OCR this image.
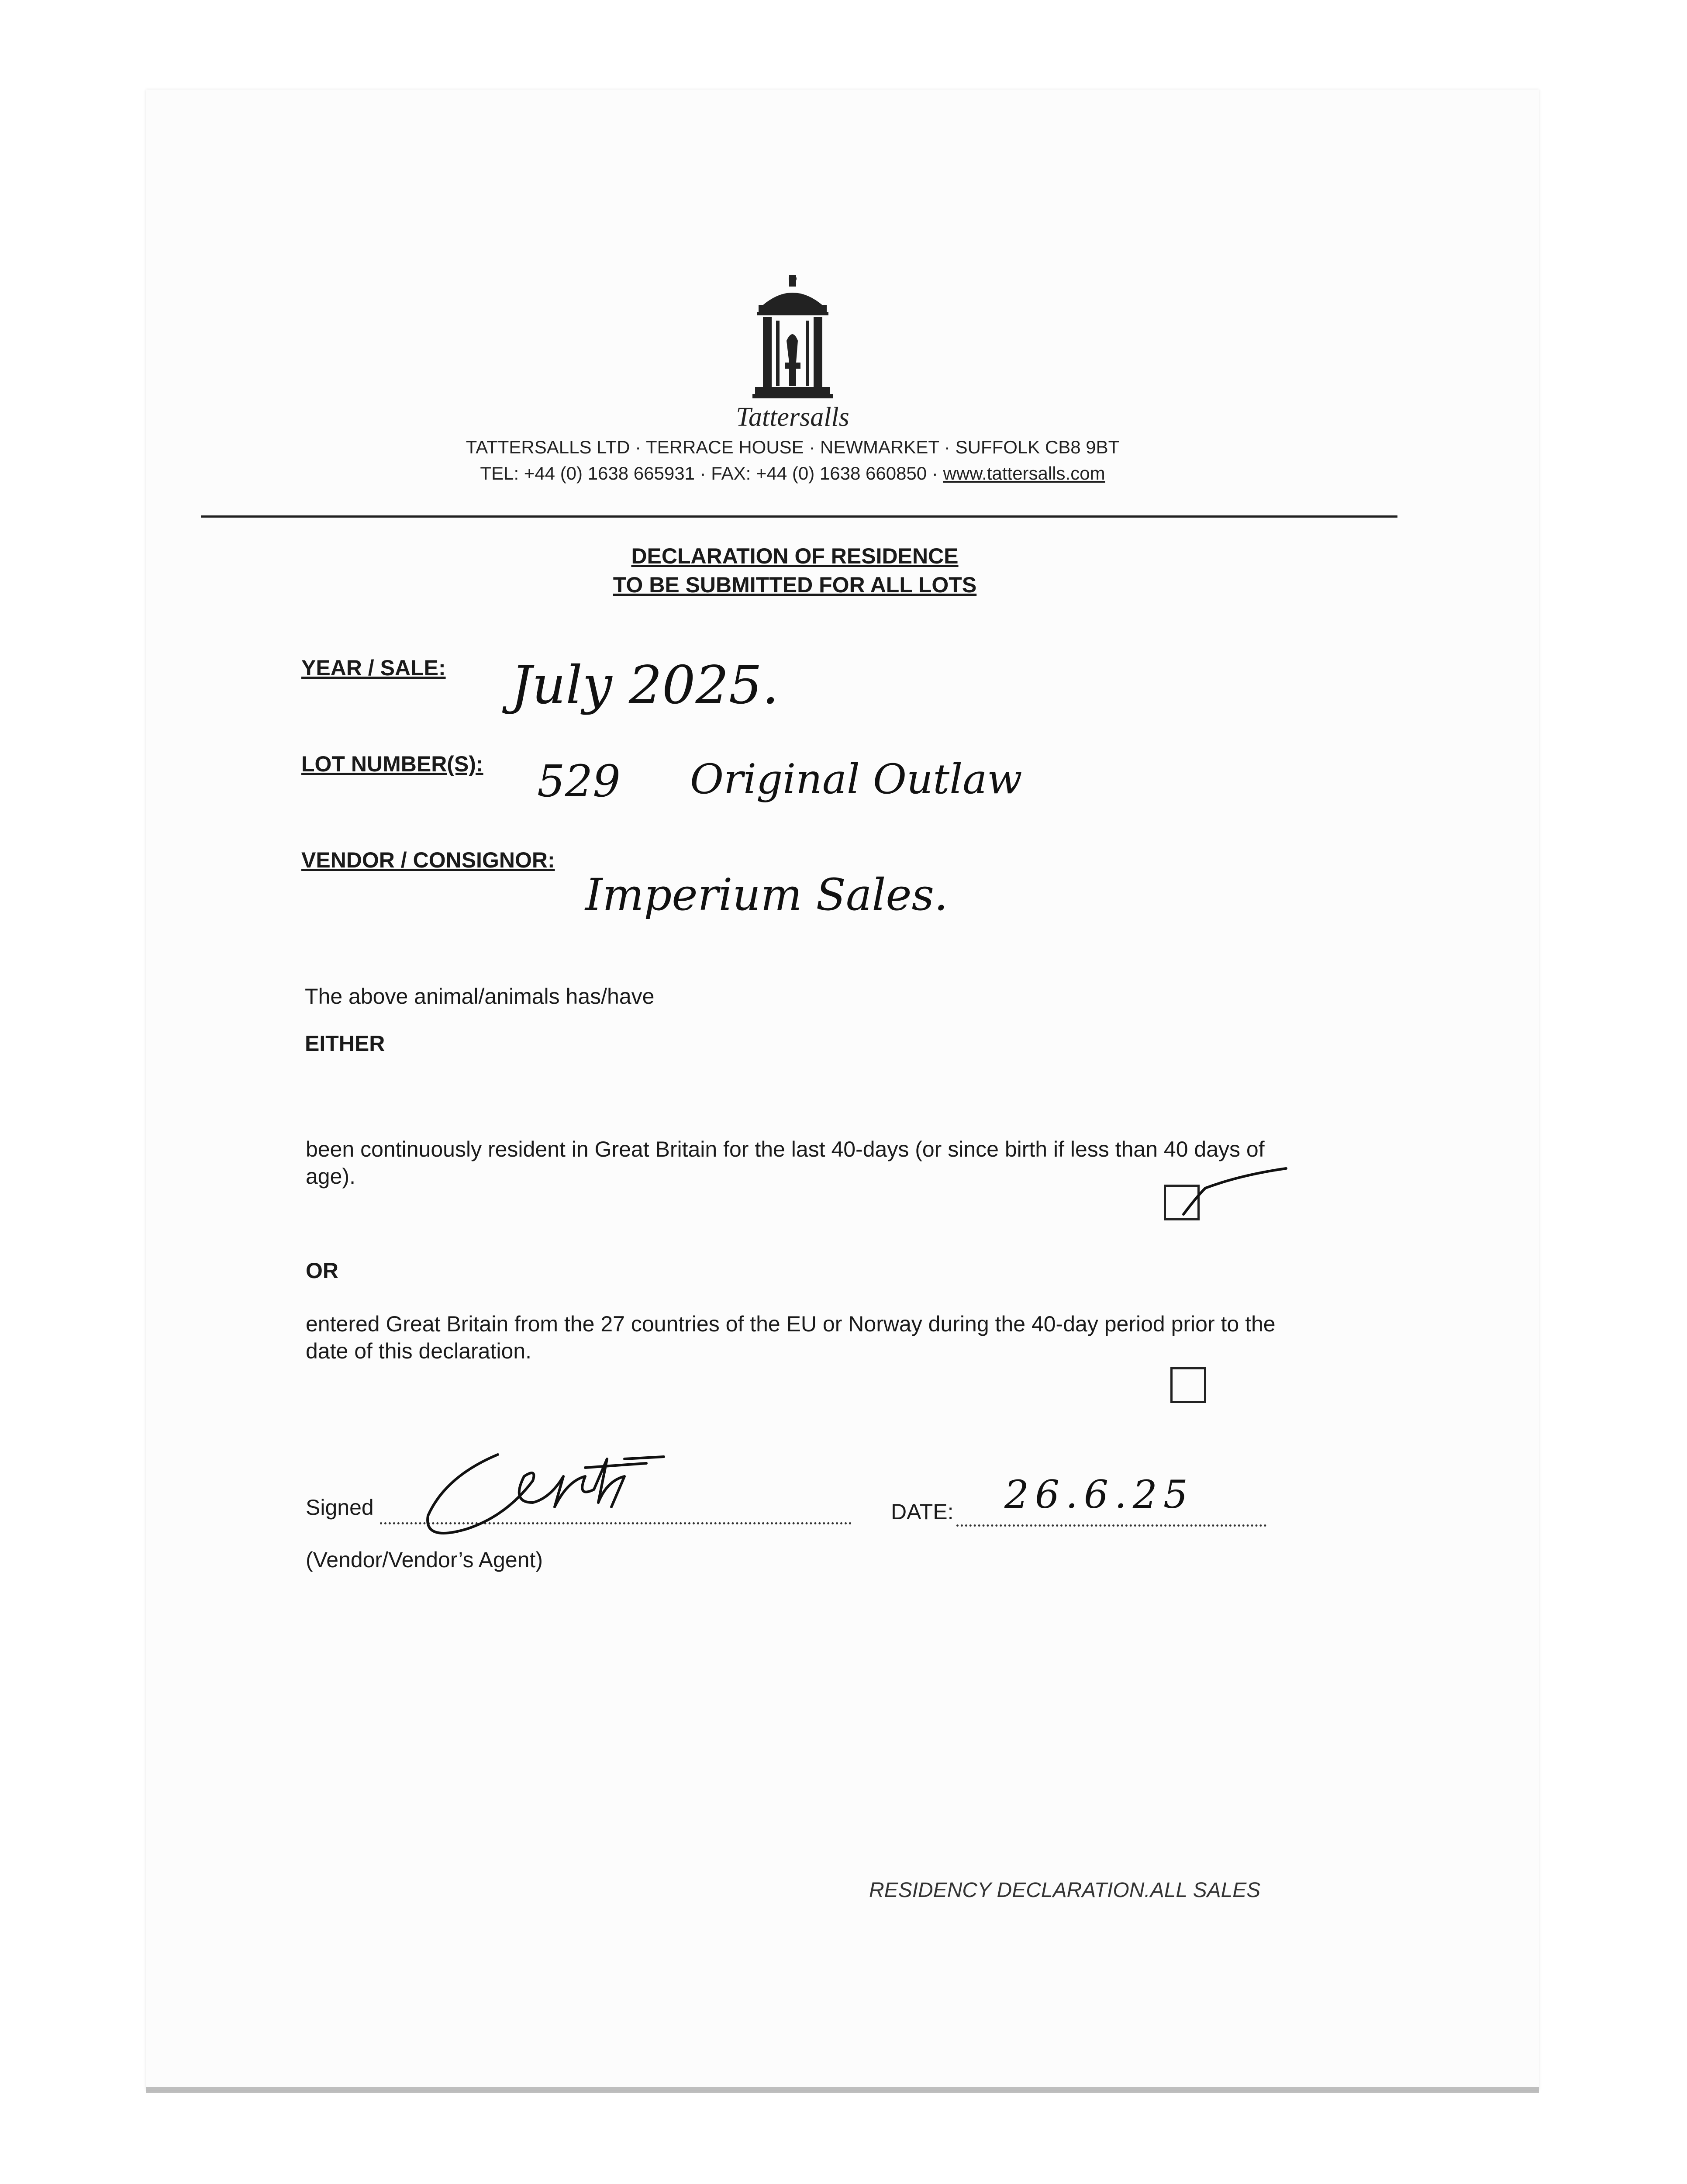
Tattersalls
TATTERSALLS LTD · TERRACE HOUSE · NEWMARKET · SUFFOLK CB8 9BT
TEL: +44 (0) 1638 665931 · FAX: +44 (0) 1638 660850 · www.tattersalls.com
DECLARATION OF RESIDENCE
TO BE SUBMITTED FOR ALL LOTS
YEAR / SALE: July 2025.
LOT NUMBER(S): 529 Original Outlaw
VENDOR / CONSIGNOR:
Imperium Sales.
The above animal/animals has/have
EITHER
been continuously resident in Great Britain for the last 40-days (or since birth if less than 40 days of age).
OR
entered Great Britain from the 27 countries of the EU or Norway during the 40-day period prior to the date of this declaration.
Signed
(Vendor/Vendor’s Agent)
DATE: 26.6.25
RESIDENCY DECLARATION.ALL SALES
